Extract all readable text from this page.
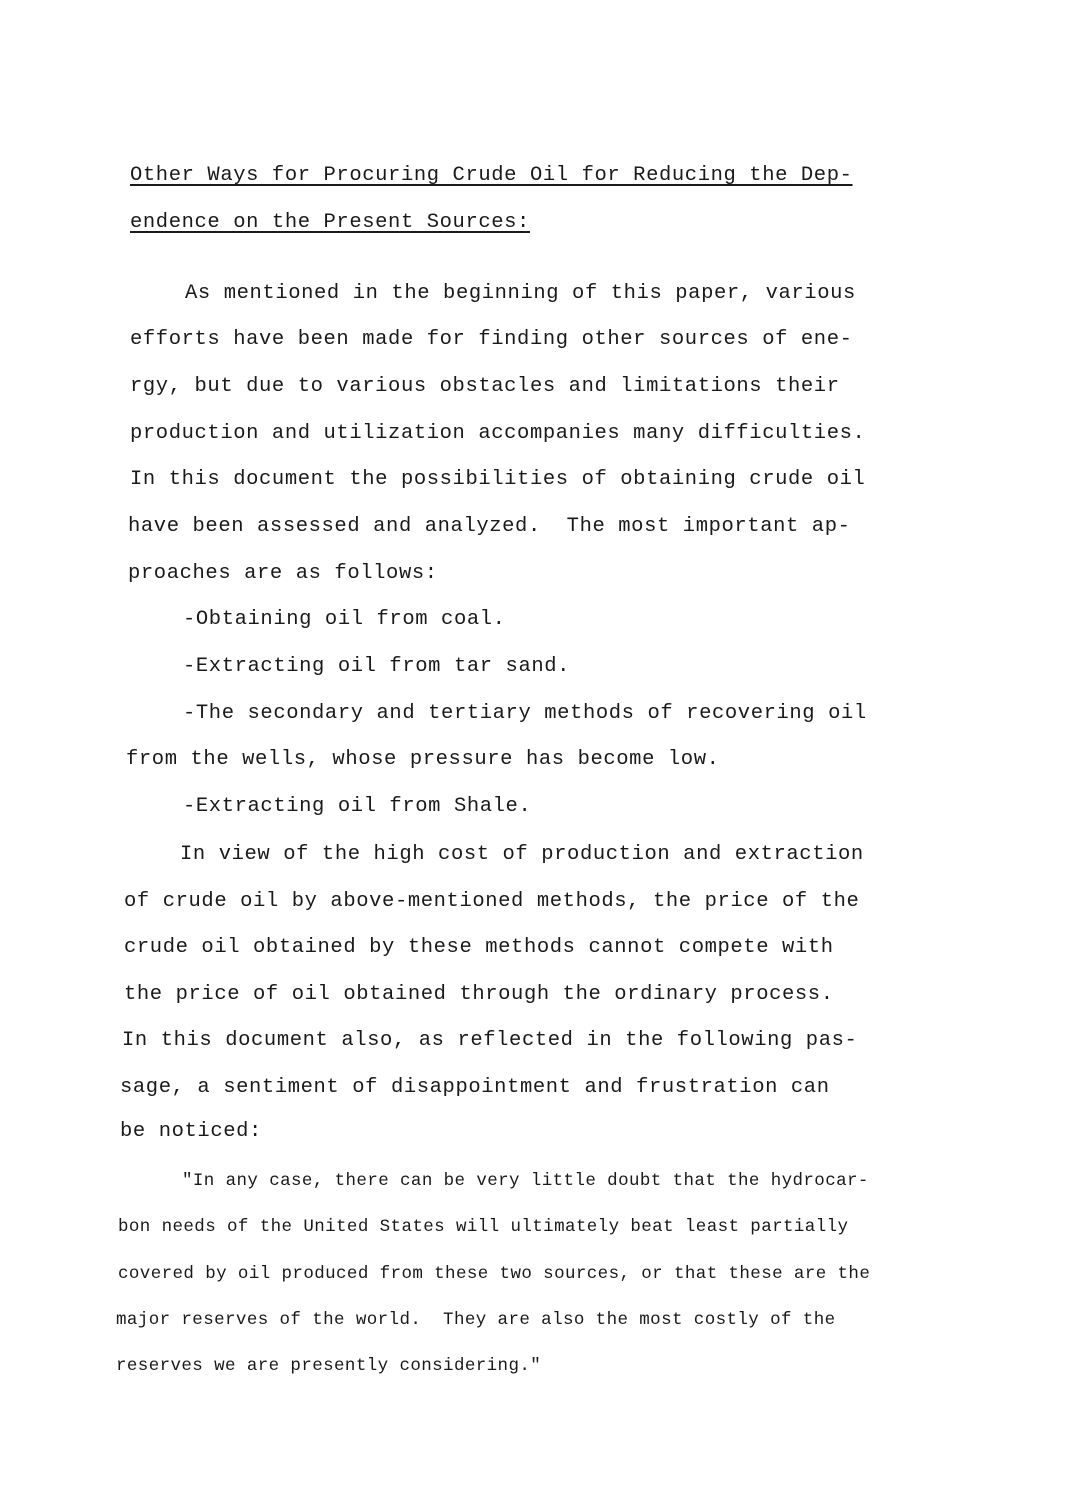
Other Ways for Procuring Crude Oil for Reducing the Dep-
endence on the Present Sources:
As mentioned in the beginning of this paper, various
efforts have been made for finding other sources of ene-
rgy, but due to various obstacles and limitations their
production and utilization accompanies many difficulties.
In this document the possibilities of obtaining crude oil
have been assessed and analyzed.  The most important ap-
proaches are as follows:
-Obtaining oil from coal.
-Extracting oil from tar sand.
-The secondary and tertiary methods of recovering oil
from the wells, whose pressure has become low.
-Extracting oil from Shale.
In view of the high cost of production and extraction
of crude oil by above-mentioned methods, the price of the
crude oil obtained by these methods cannot compete with
the price of oil obtained through the ordinary process.
In this document also, as reflected in the following pas-
sage, a sentiment of disappointment and frustration can
be noticed:
"In any case, there can be very little doubt that the hydrocar-
bon needs of the United States will ultimately beat least partially
covered by oil produced from these two sources, or that these are the
major reserves of the world.  They are also the most costly of the
reserves we are presently considering."
